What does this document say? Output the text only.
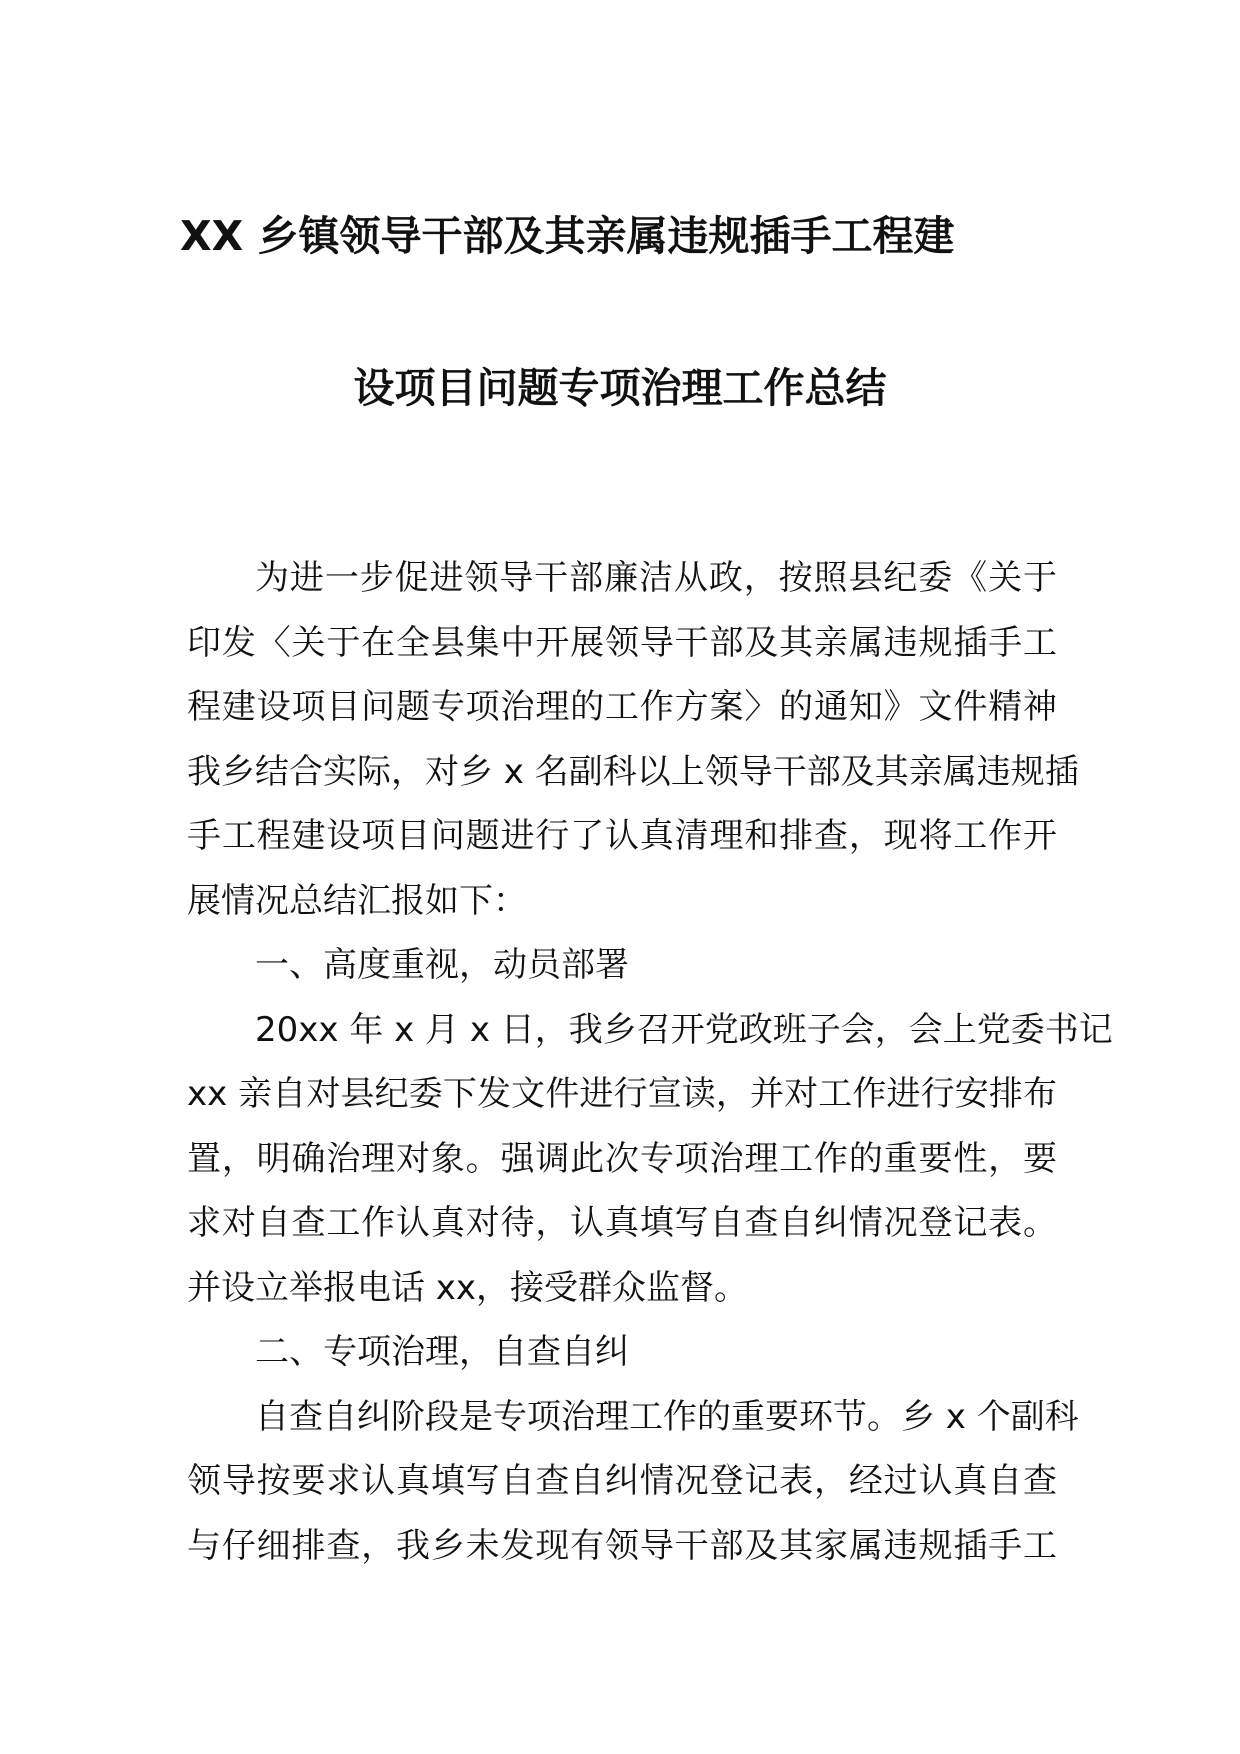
XX 乡镇领导干部及其亲属违规插手工程建
设项目问题专项治理工作总结
为进一步促进领导干部廉洁从政，按照县纪委《关于
印发〈关于在全县集中开展领导干部及其亲属违规插手工
程建设项目问题专项治理的工作方案〉的通知》文件精神
我乡结合实际，对乡 x 名副科以上领导干部及其亲属违规插
手工程建设项目问题进行了认真清理和排查，现将工作开
展情况总结汇报如下：
一、高度重视，动员部署
20xx 年 x 月 x 日，我乡召开党政班子会，会上党委书记
xx 亲自对县纪委下发文件进行宣读，并对工作进行安排布
置，明确治理对象。强调此次专项治理工作的重要性，要
求对自查工作认真对待，认真填写自查自纠情况登记表。
并设立举报电话 xx，接受群众监督。
二、专项治理，自查自纠
自查自纠阶段是专项治理工作的重要环节。乡 x 个副科
领导按要求认真填写自查自纠情况登记表，经过认真自查
与仔细排查，我乡未发现有领导干部及其家属违规插手工
